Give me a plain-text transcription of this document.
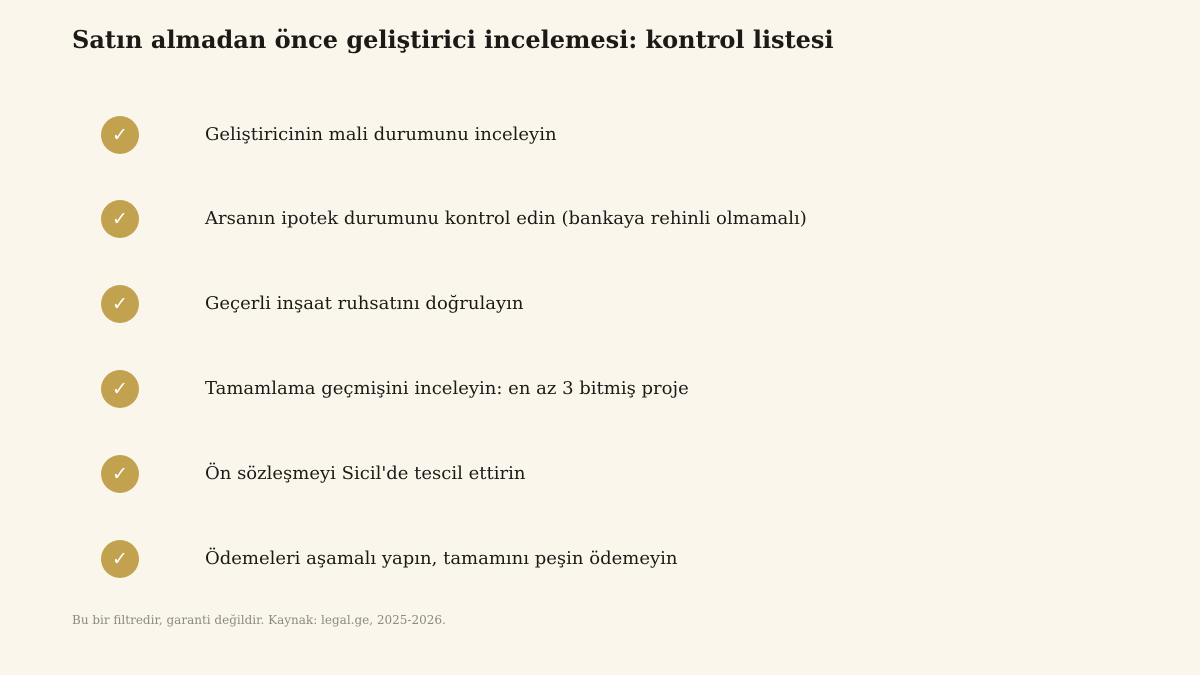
Satın almadan önce geliştirici incelemesi: kontrol listesi
✓	Geliştiricinin mali durumunu inceleyin
✓	Arsanın ipotek durumunu kontrol edin (bankaya rehinli olmamalı)
✓	Geçerli inşaat ruhsatını doğrulayın
✓	Tamamlama geçmişini inceleyin: en az 3 bitmiş proje
✓	Ön sözleşmeyi Sicil'de tescil ettirin
✓	Ödemeleri aşamalı yapın, tamamını peşin ödemeyin

Bu bir filtredir, garanti değildir. Kaynak: legal.ge, 2025-2026.
